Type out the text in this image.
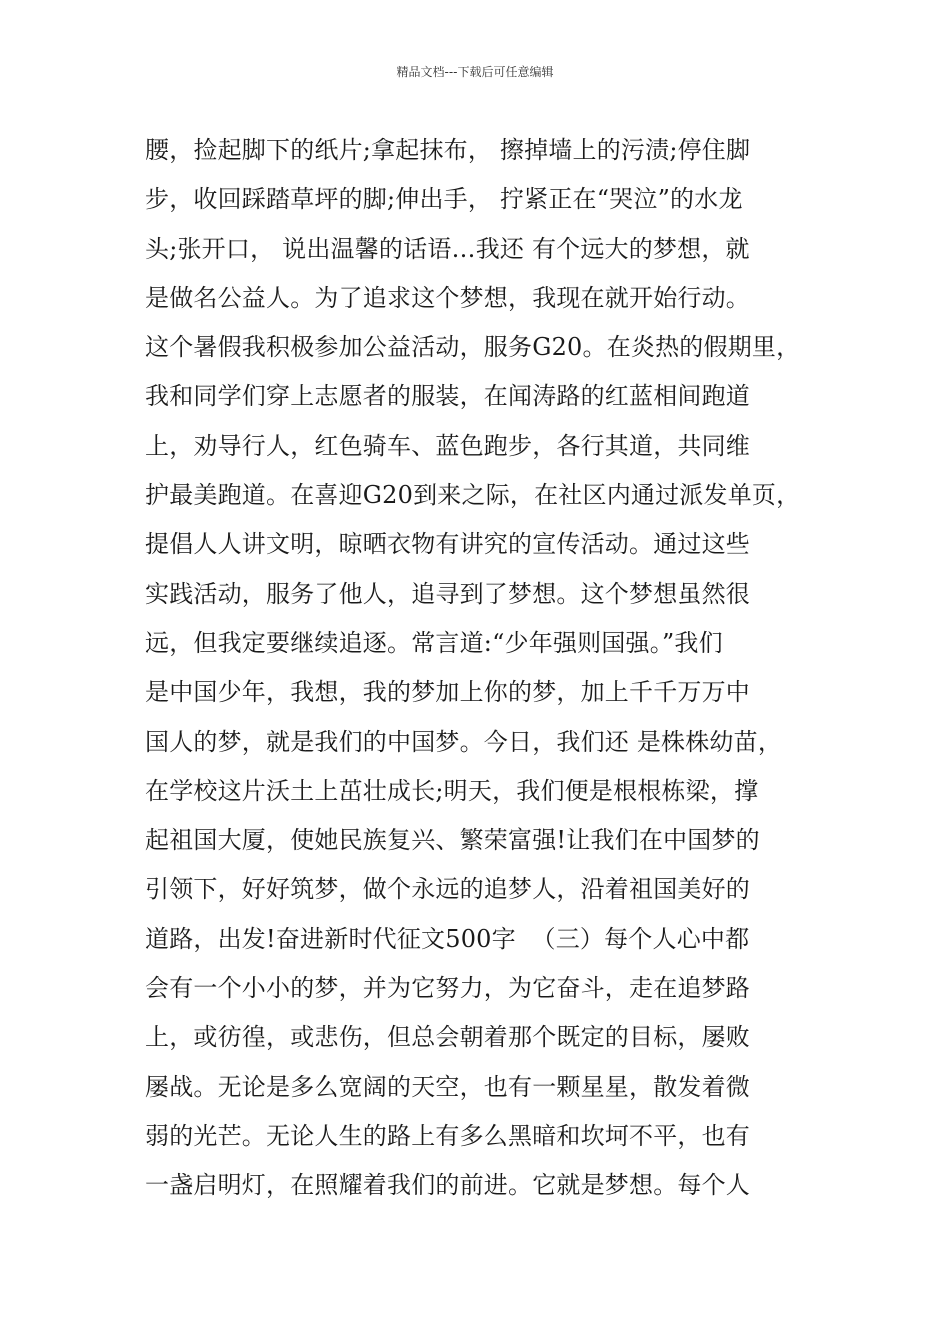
精品文档---下载后可任意编辑
腰，捡起脚下的纸片;拿起抹布， 擦掉墙上的污渍;停住脚
步，收回踩踏草坪的脚;伸出手， 拧紧正在“哭泣”的水龙
头;张开口， 说出温馨的话语…我还 有个远大的梦想，就
是做名公益人。为了追求这个梦想，我现在就开始行动。
这个暑假我积极参加公益活动，服务G20。在炎热的假期里，
我和同学们穿上志愿者的服装，在闻涛路的红蓝相间跑道
上，劝导行人，红色骑车、蓝色跑步，各行其道，共同维
护最美跑道。在喜迎G20到来之际，在社区内通过派发单页，
提倡人人讲文明，晾晒衣物有讲究的宣传活动。通过这些
实践活动，服务了他人，追寻到了梦想。这个梦想虽然很
远，但我定要继续追逐。常言道:“少年强则国强。”我们
是中国少年，我想，我的梦加上你的梦，加上千千万万中
国人的梦，就是我们的中国梦。今日，我们还 是株株幼苗，
在学校这片沃土上茁壮成长;明天，我们便是根根栋梁，撑
起祖国大厦，使她民族复兴、繁荣富强!让我们在中国梦的
引领下，好好筑梦，做个永远的追梦人，沿着祖国美好的
道路，出发!奋进新时代征文500字  （三）每个人心中都
会有一个小小的梦，并为它努力，为它奋斗，走在追梦路
上，或彷徨，或悲伤，但总会朝着那个既定的目标，屡败
屡战。无论是多么宽阔的天空，也有一颗星星，散发着微
弱的光芒。无论人生的路上有多么黑暗和坎坷不平，也有
一盏启明灯，在照耀着我们的前进。它就是梦想。每个人
